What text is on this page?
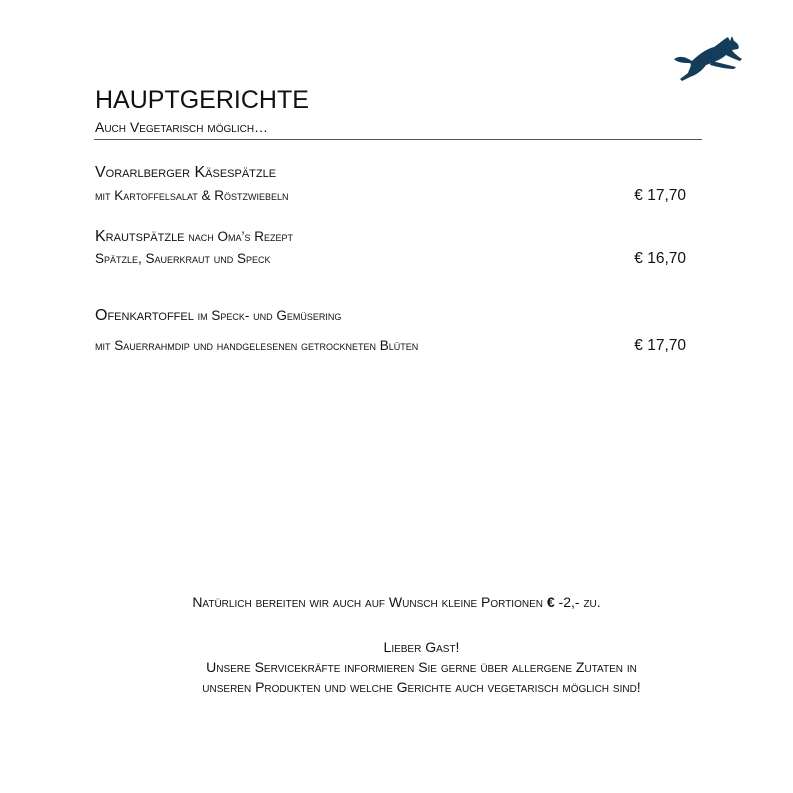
HAUPTGERICHTE
Auch Vegetarisch möglich…
Vorarlberger Käsespätzle
mit Kartoffelsalat & Röstzwiebeln	€ 17,70
Krautspätzle nach Oma’s Rezept
Spätzle, Sauerkraut und Speck	€ 16,70
Ofenkartoffel im Speck- und Gemüsering
mit Sauerrahmdip und handgelesenen getrockneten Blüten	€ 17,70
Natürlich bereiten wir auch auf Wunsch kleine Portionen € -2,- zu.
Lieber Gast!
Unsere Servicekräfte informieren Sie gerne über allergene Zutaten in
unseren Produkten und welche Gerichte auch vegetarisch möglich sind!
